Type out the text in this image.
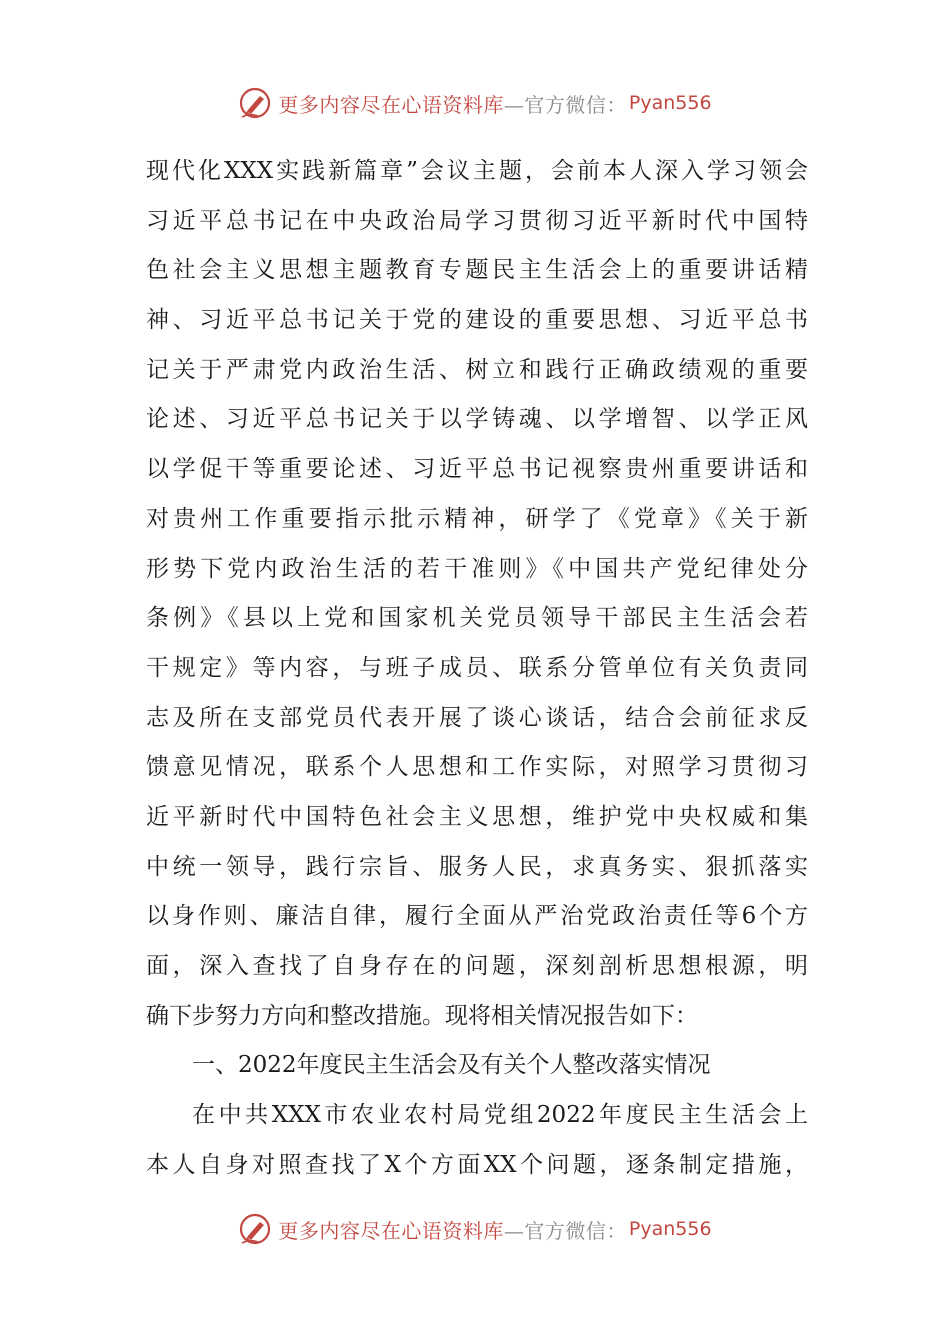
更多内容尽在心语资料库 —官方微信： Pyan556
现代化XXX实践新篇章”会议主题，会前本人深入学习领会
习近平总书记在中央政治局学习贯彻习近平新时代中国特
色社会主义思想主题教育专题民主生活会上的重要讲话精
神、习近平总书记关于党的建设的重要思想、习近平总书
记关于严肃党内政治生活、树立和践行正确政绩观的重要
论述、习近平总书记关于以学铸魂、以学增智、以学正风
以学促干等重要论述、习近平总书记视察贵州重要讲话和
对贵州工作重要指示批示精神，研学了《党章》《关于新
形势下党内政治生活的若干准则》《中国共产党纪律处分
条例》《县以上党和国家机关党员领导干部民主生活会若
干规定》等内容，与班子成员、联系分管单位有关负责同
志及所在支部党员代表开展了谈心谈话，结合会前征求反
馈意见情况，联系个人思想和工作实际，对照学习贯彻习
近平新时代中国特色社会主义思想，维护党中央权威和集
中统一领导，践行宗旨、服务人民，求真务实、狠抓落实
以身作则、廉洁自律，履行全面从严治党政治责任等6个方
面，深入查找了自身存在的问题，深刻剖析思想根源，明
确下步努力方向和整改措施。现将相关情况报告如下：
一、2022年度民主生活会及有关个人整改落实情况
在中共XXX市农业农村局党组2022年度民主生活会上
本人自身对照查找了X个方面XX个问题，逐条制定措施，
更多内容尽在心语资料库 —官方微信： Pyan556
